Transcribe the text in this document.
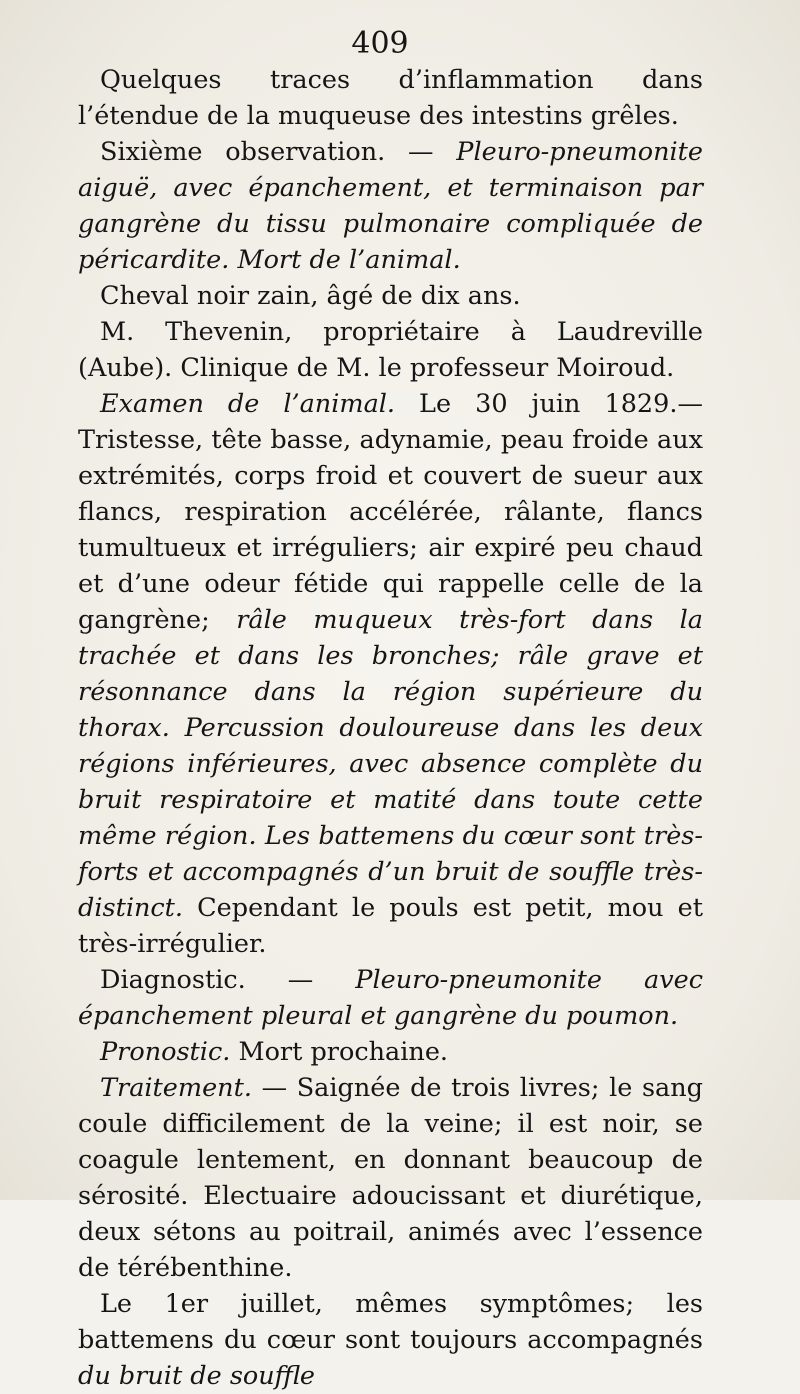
409

Quelques traces d’inflammation dans l’étendue de la muqueuse des intestins grêles.

Sixième observation. — Pleuro-pneumonite aiguë, avec épanchement, et terminaison par gangrène du tissu pulmonaire compliquée de péricardite. Mort de l’animal.

Cheval noir zain, âgé de dix ans.

M. Thevenin, propriétaire à Laudreville (Aube). Clinique de M. le professeur Moiroud.

Examen de l’animal. Le 30 juin 1829.— Tristesse, tête basse, adynamie, peau froide aux extrémités, corps froid et couvert de sueur aux flancs, respiration accélérée, râlante, flancs tumultueux et irréguliers; air expiré peu chaud et d’une odeur fétide qui rappelle celle de la gangrène; râle muqueux très-fort dans la trachée et dans les bronches; râle grave et résonnance dans la région supérieure du thorax. Percussion douloureuse dans les deux régions inférieures, avec absence complète du bruit respiratoire et matité dans toute cette même région. Les battemens du cœur sont très-forts et accompagnés d’un bruit de souffle très-distinct. Cependant le pouls est petit, mou et très-irrégulier.

Diagnostic. — Pleuro-pneumonite avec épanchement pleural et gangrène du poumon.

Pronostic. Mort prochaine.

Traitement. — Saignée de trois livres; le sang coule difficilement de la veine; il est noir, se coagule lentement, en donnant beaucoup de sérosité. Electuaire adoucissant et diurétique, deux sétons au poitrail, animés avec l’essence de térébenthine.

Le 1er juillet, mêmes symptômes; les battemens du cœur sont toujours accompagnés du bruit de souffle
